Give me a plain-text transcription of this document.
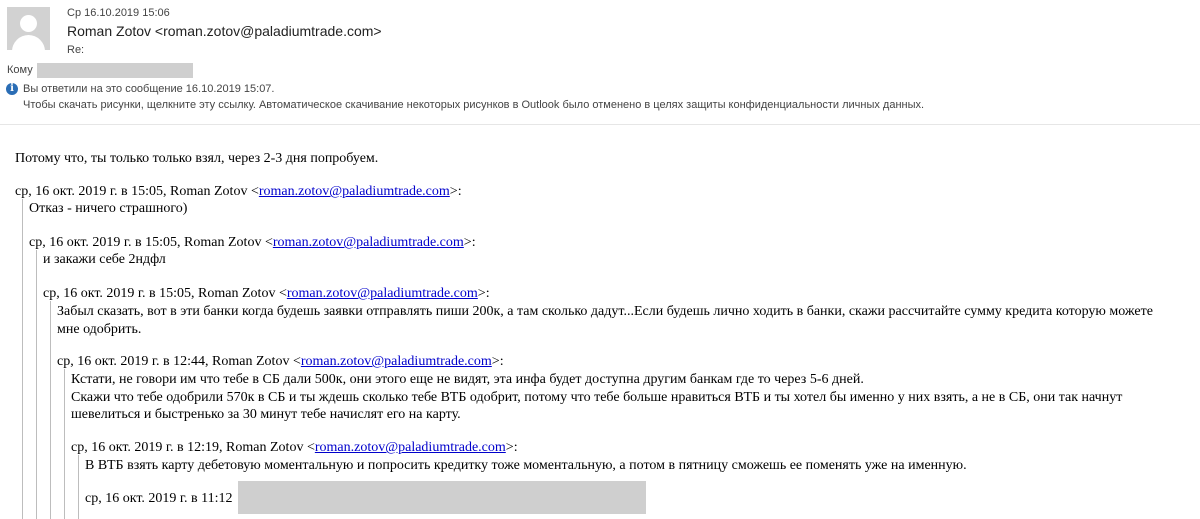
Ср 16.10.2019 15:06
Roman Zotov <roman.zotov@paladiumtrade.com>
Re:
Кому
i Вы ответили на это сообщение 16.10.2019 15:07.
Чтобы скачать рисунки, щелкните эту ссылку. Автоматическое скачивание некоторых рисунков в Outlook было отменено в целях защиты конфиденциальности личных данных.
Потому что, ты только только взял, через 2-3 дня попробуем.
ср, 16 окт. 2019 г. в 15:05, Roman Zotov <roman.zotov@paladiumtrade.com>:
Отказ - ничего страшного)
ср, 16 окт. 2019 г. в 15:05, Roman Zotov <roman.zotov@paladiumtrade.com>:
и закажи себе 2ндфл
ср, 16 окт. 2019 г. в 15:05, Roman Zotov <roman.zotov@paladiumtrade.com>:
Забыл сказать, вот в эти банки когда будешь заявки отправлять пиши 200к, а там сколько дадут...Если будешь лично ходить в банки, скажи рассчитайте сумму кредита которую можете
мне одобрить.
ср, 16 окт. 2019 г. в 12:44, Roman Zotov <roman.zotov@paladiumtrade.com>:
Кстати, не говори им что тебе в СБ дали 500к, они этого еще не видят, эта инфа будет доступна другим банкам где то через 5-6 дней.
Скажи что тебе одобрили 570к в СБ и ты ждешь сколько тебе ВТБ одобрит, потому что тебе больше нравиться ВТБ и ты хотел бы именно у них взять, а не в СБ, они так начнут
шевелиться и быстренько за 30 минут тебе начислят его на карту.
ср, 16 окт. 2019 г. в 12:19, Roman Zotov <roman.zotov@paladiumtrade.com>:
В ВТБ взять карту дебетовую моментальную и попросить кредитку тоже моментальную, а потом в пятницу сможешь ее поменять уже на именную.
ср, 16 окт. 2019 г. в 11:12
